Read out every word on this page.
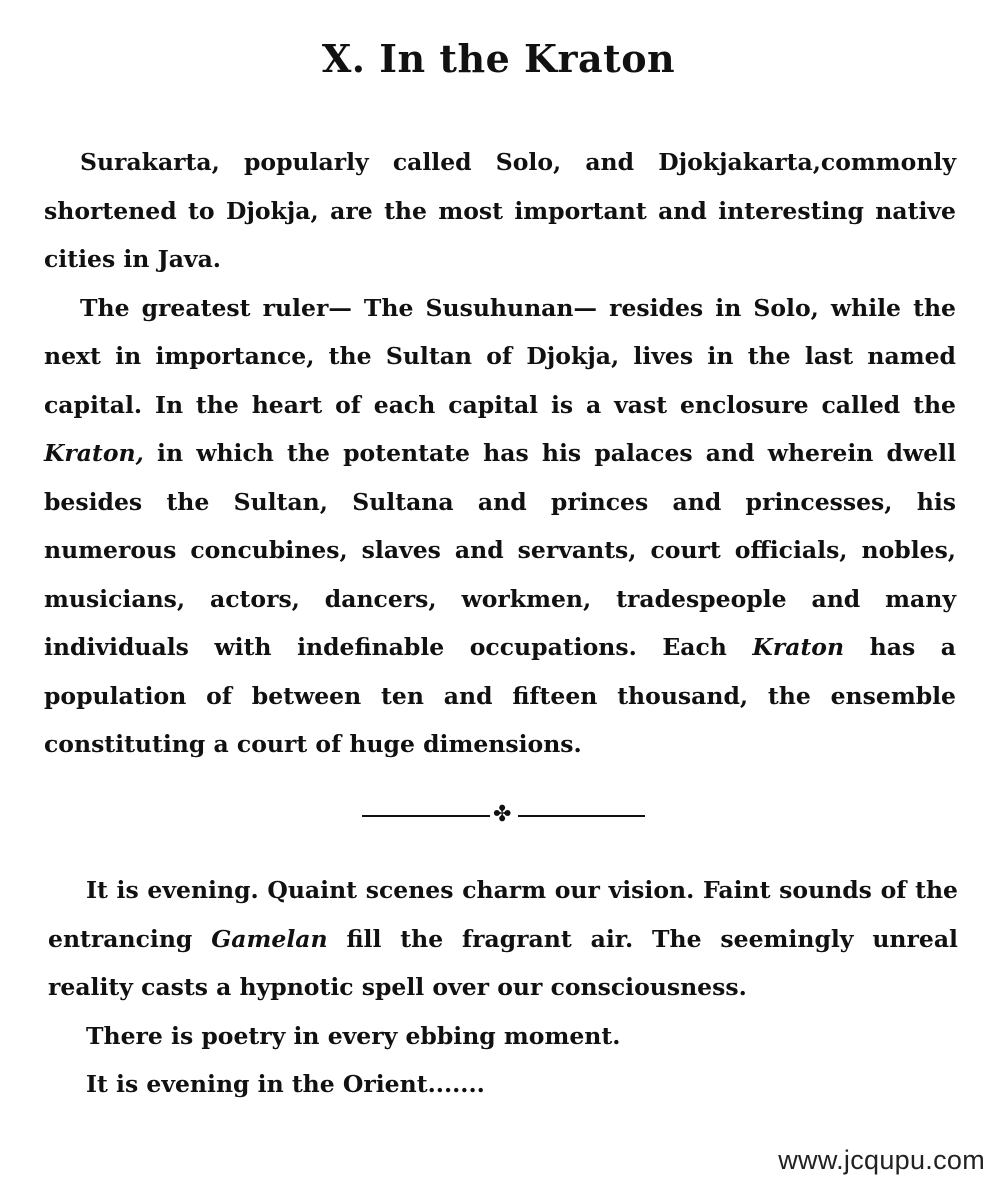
X. In the Kraton

Surakarta, popularly called Solo, and Djokjakarta,commonly shortened to Djokja, are the most important and interesting native cities in Java.

The greatest ruler— The Susuhunan— resides in Solo, while the next in importance, the Sultan of Djokja, lives in the last named capital. In the heart of each capital is a vast enclosure called the Kraton, in which the potentate has his palaces and wherein dwell besides the Sultan, Sultana and princes and princesses, his numerous concubines, slaves and servants, court officials, nobles, musicians, actors, dancers, workmen, tradespeople and many individuals with indefinable occupations. Each Kraton has a population of between ten and fifteen thousand, the ensemble constituting a court of huge dimensions.

✤

It is evening. Quaint scenes charm our vision. Faint sounds of the entrancing Gamelan fill the fragrant air. The seemingly unreal reality casts a hypnotic spell over our consciousness.

There is poetry in every ebbing moment.

It is evening in the Orient.......

www.jcqupu.com
